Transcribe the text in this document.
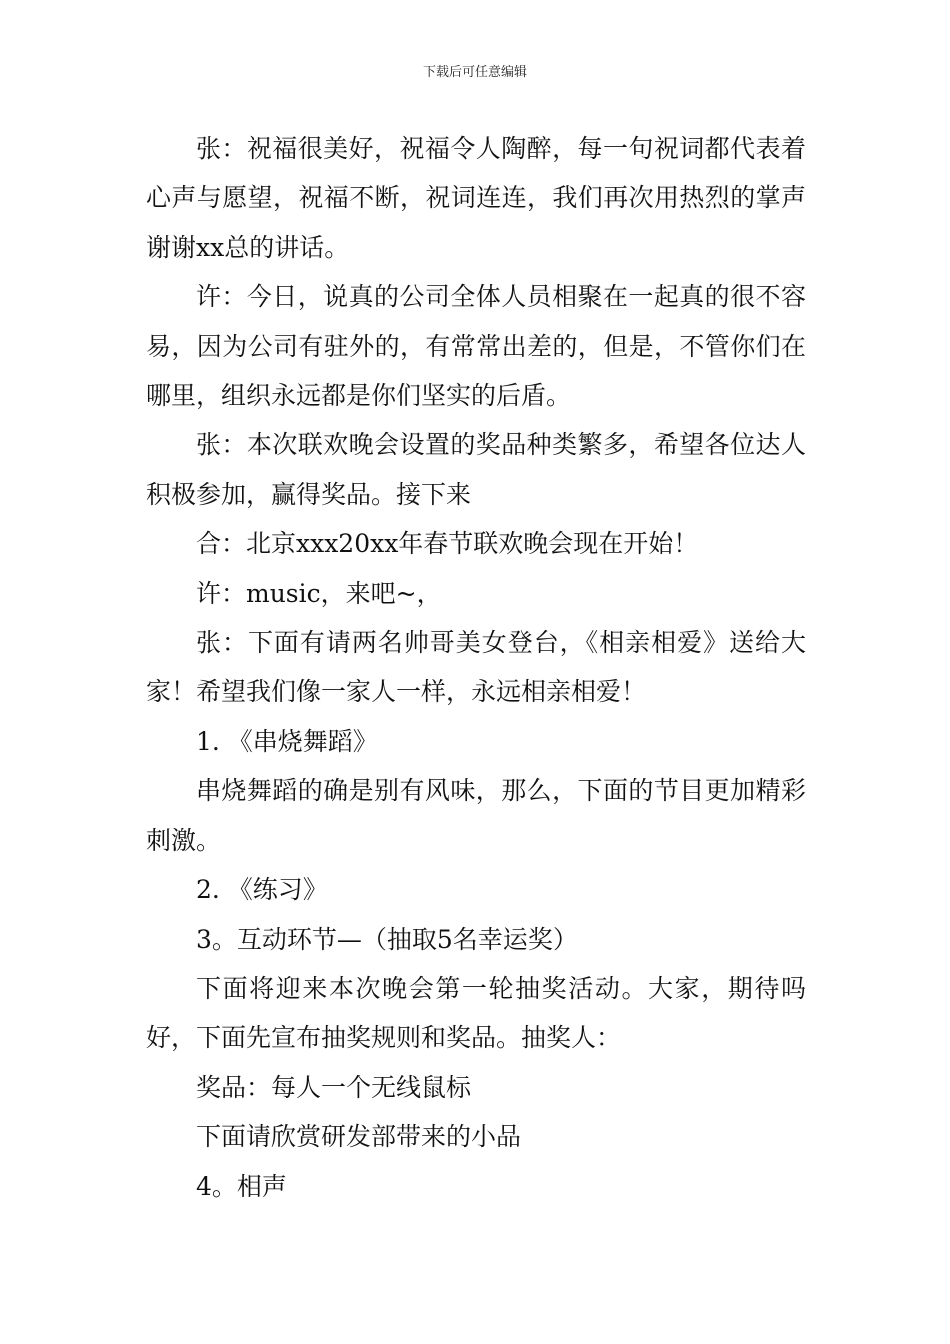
下载后可任意编辑

张：祝福很美好，祝福令人陶醉，每一句祝词都代表着心声与愿望，祝福不断，祝词连连，我们再次用热烈的掌声谢谢xx总的讲话。

许：今日，说真的公司全体人员相聚在一起真的很不容易，因为公司有驻外的，有常常出差的，但是，不管你们在哪里，组织永远都是你们坚实的后盾。

张：本次联欢晚会设置的奖品种类繁多，希望各位达人积极参加，赢得奖品。接下来

合：北京xxx20xx年春节联欢晚会现在开始！

许：music，来吧~，

张：下面有请两名帅哥美女登台，《相亲相爱》送给大家！希望我们像一家人一样，永远相亲相爱！

1. 《串烧舞蹈》

串烧舞蹈的确是别有风味，那么，下面的节目更加精彩刺激。

2. 《练习》

3。互动环节—（抽取5名幸运奖）

下面将迎来本次晚会第一轮抽奖活动。大家，期待吗好，下面先宣布抽奖规则和奖品。抽奖人：

奖品：每人一个无线鼠标

下面请欣赏研发部带来的小品

4。相声
